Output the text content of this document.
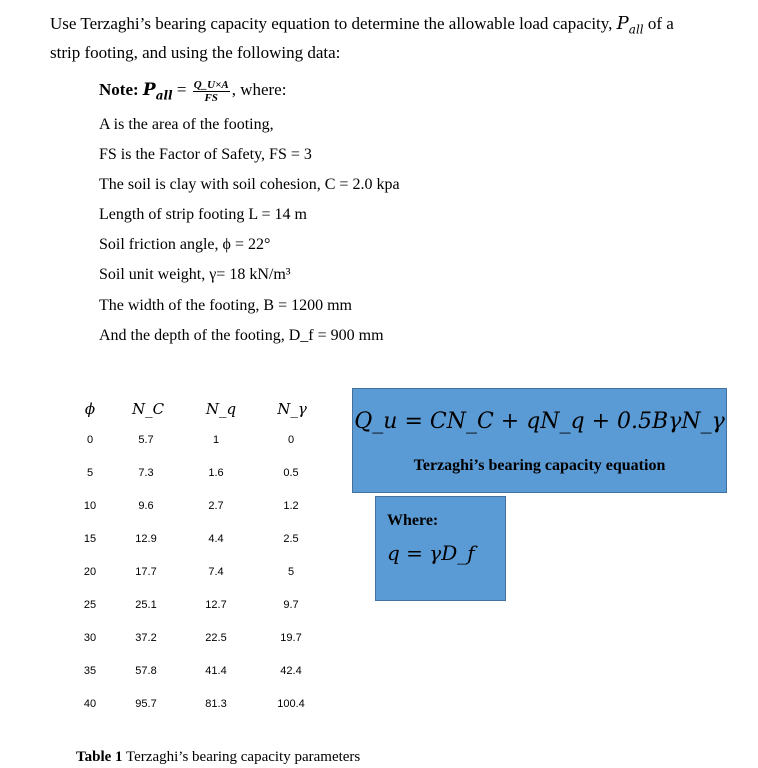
Use Terzaghi’s bearing capacity equation to determine the allowable load capacity, $P_{all}$ of a
strip footing, and using the following data:
Note: $P_{all} = \frac{Q\_U\times A}{FS}$ , where:
A is the area of the footing,
FS is the Factor of Safety, FS = 3
The soil is clay with soil cohesion, C = 2.0 kpa
Length of strip footing L = 14 m
Soil friction angle, ϕ = 22°
Soil unit weight, γ= 18 kN/m³
The width of the footing, B = 1200 mm
And the depth of the footing, D_f = 900 mm
ϕ	N_C	N_q	N_γ
0	5.7	1	0
5	7.3	1.6	0.5
10	9.6	2.7	1.2
15	12.9	4.4	2.5
20	17.7	7.4	5
25	25.1	12.7	9.7
30	37.2	22.5	19.7
35	57.8	41.4	42.4
40	95.7	81.3	100.4
Q_u = CN_C + qN_q + 0.5BγN_γ
Terzaghi’s bearing capacity equation
Where:
q = γD_f
Table 1 Terzaghi’s bearing capacity parameters
